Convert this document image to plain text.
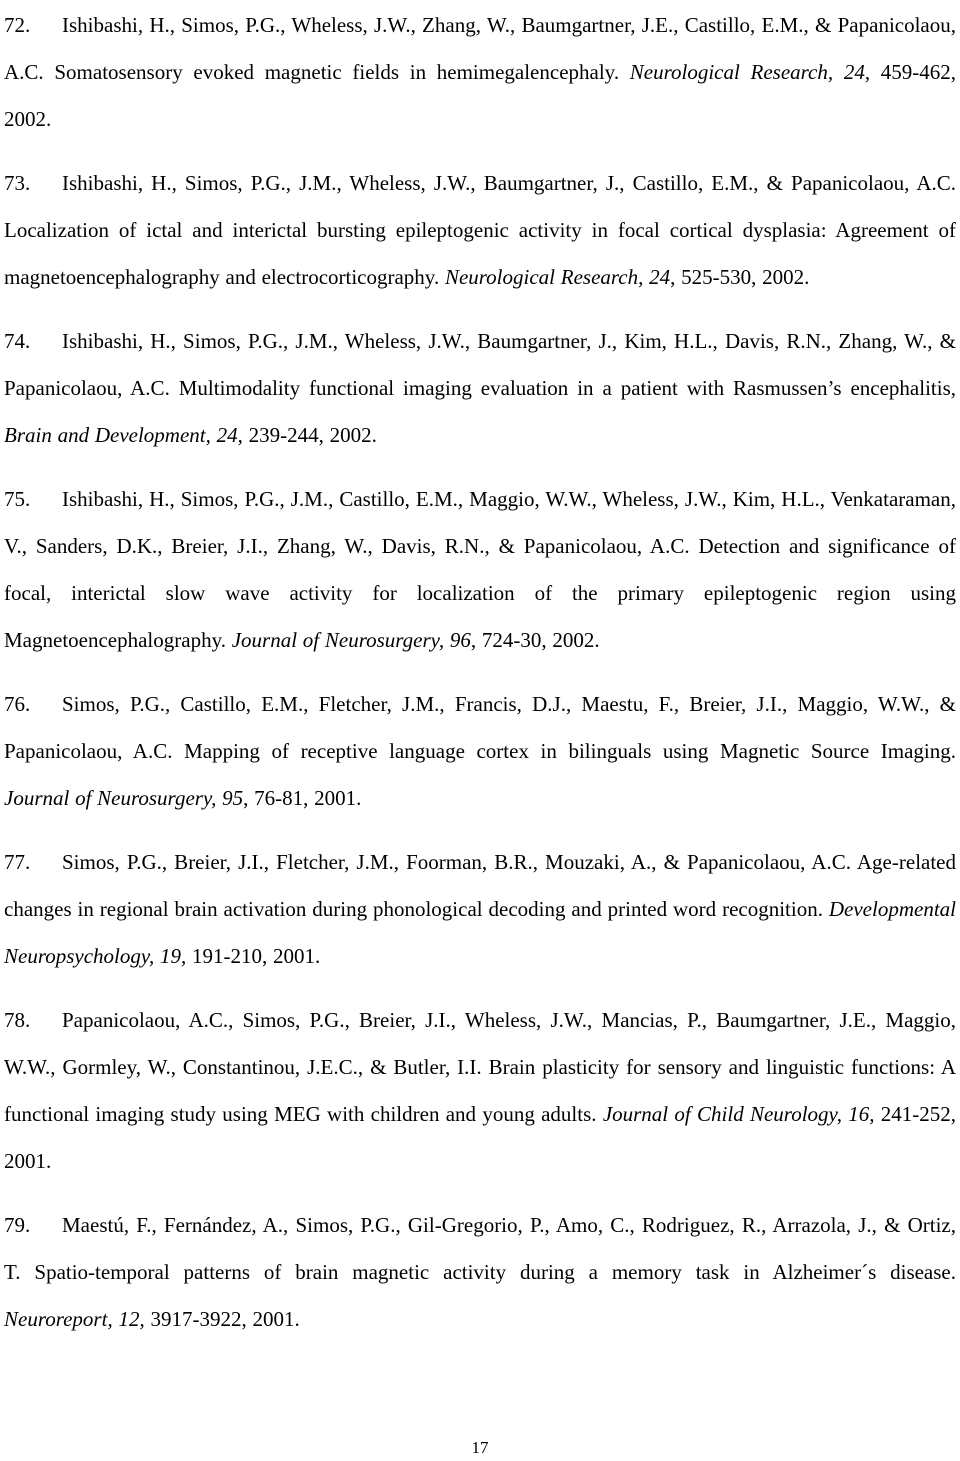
72. Ishibashi, H., Simos, P.G., Wheless, J.W., Zhang, W., Baumgartner, J.E., Castillo, E.M., & Papanicolaou, A.C. Somatosensory evoked magnetic fields in hemimegalencephaly. Neurological Research, 24, 459-462, 2002.

73. Ishibashi, H., Simos, P.G., J.M., Wheless, J.W., Baumgartner, J., Castillo, E.M., & Papanicolaou, A.C. Localization of ictal and interictal bursting epileptogenic activity in focal cortical dysplasia: Agreement of magnetoencephalography and electrocorticography. Neurological Research, 24, 525-530, 2002.

74. Ishibashi, H., Simos, P.G., J.M., Wheless, J.W., Baumgartner, J., Kim, H.L., Davis, R.N., Zhang, W., & Papanicolaou, A.C. Multimodality functional imaging evaluation in a patient with Rasmussen’s encephalitis, Brain and Development, 24, 239-244, 2002.

75. Ishibashi, H., Simos, P.G., J.M., Castillo, E.M., Maggio, W.W., Wheless, J.W., Kim, H.L., Venkataraman, V., Sanders, D.K., Breier, J.I., Zhang, W., Davis, R.N., & Papanicolaou, A.C. Detection and significance of focal, interictal slow wave activity for localization of the primary epileptogenic region using Magnetoencephalography. Journal of Neurosurgery, 96, 724-30, 2002.

76. Simos, P.G., Castillo, E.M., Fletcher, J.M., Francis, D.J., Maestu, F., Breier, J.I., Maggio, W.W., & Papanicolaou, A.C. Mapping of receptive language cortex in bilinguals using Magnetic Source Imaging. Journal of Neurosurgery, 95, 76-81, 2001.

77. Simos, P.G., Breier, J.I., Fletcher, J.M., Foorman, B.R., Mouzaki, A., & Papanicolaou, A.C. Age-related changes in regional brain activation during phonological decoding and printed word recognition. Developmental Neuropsychology, 19, 191-210, 2001.

78. Papanicolaou, A.C., Simos, P.G., Breier, J.I., Wheless, J.W., Mancias, P., Baumgartner, J.E., Maggio, W.W., Gormley, W., Constantinou, J.E.C., & Butler, I.I. Brain plasticity for sensory and linguistic functions: A functional imaging study using MEG with children and young adults. Journal of Child Neurology, 16, 241-252, 2001.

79. Maestú, F., Fernández, A., Simos, P.G., Gil-Gregorio, P., Amo, C., Rodriguez, R., Arrazola, J., & Ortiz, T. Spatio-temporal patterns of brain magnetic activity during a memory task in Alzheimer´s disease. Neuroreport, 12, 3917-3922, 2001.

17
